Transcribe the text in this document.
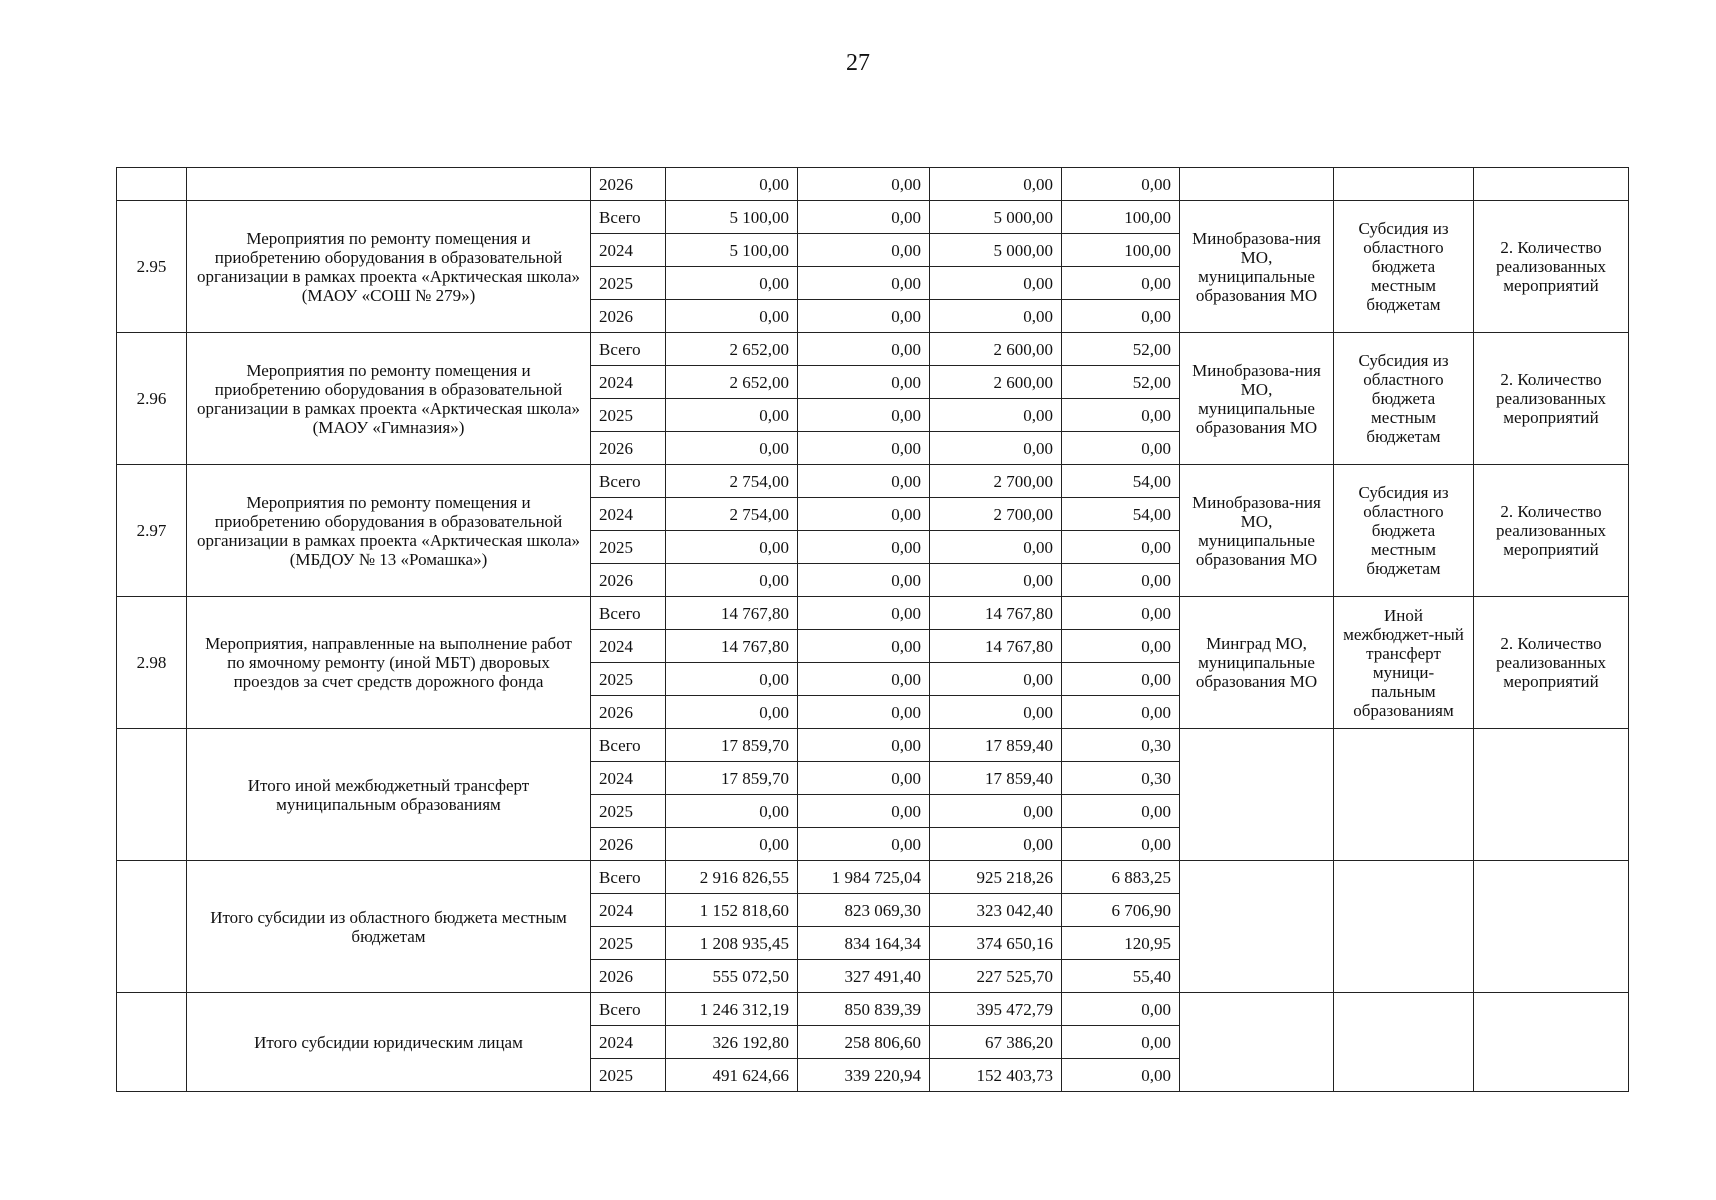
27
		2026	0,00	0,00	0,00	0,00			
2.95	Мероприятия по ремонту помещения и приобретению оборудования в образовательной организации в рамках проекта «Арктическая школа» (МАОУ «СОШ № 279»)	Всего	5 100,00	0,00	5 000,00	100,00	Минобразова-ния МО, муниципальные образования МО	Субсидия из областного бюджета местным бюджетам	2. Количество реализованных мероприятий
		2024	5 100,00	0,00	5 000,00	100,00			
		2025	0,00	0,00	0,00	0,00			
		2026	0,00	0,00	0,00	0,00			
2.96	Мероприятия по ремонту помещения и приобретению оборудования в образовательной организации в рамках проекта «Арктическая школа» (МАОУ «Гимназия»)	Всего	2 652,00	0,00	2 600,00	52,00	Минобразова-ния МО, муниципальные образования МО	Субсидия из областного бюджета местным бюджетам	2. Количество реализованных мероприятий
		2024	2 652,00	0,00	2 600,00	52,00			
		2025	0,00	0,00	0,00	0,00			
		2026	0,00	0,00	0,00	0,00			
2.97	Мероприятия по ремонту помещения и приобретению оборудования в образовательной организации в рамках проекта «Арктическая школа» (МБДОУ № 13 «Ромашка»)	Всего	2 754,00	0,00	2 700,00	54,00	Минобразова-ния МО, муниципальные образования МО	Субсидия из областного бюджета местным бюджетам	2. Количество реализованных мероприятий
		2024	2 754,00	0,00	2 700,00	54,00			
		2025	0,00	0,00	0,00	0,00			
		2026	0,00	0,00	0,00	0,00			
2.98	Мероприятия, направленные на выполнение работ по ямочному ремонту (иной МБТ) дворовых проездов за счет средств дорожного фонда	Всего	14 767,80	0,00	14 767,80	0,00	Минград МО, муниципальные образования МО	Иной межбюджет-ный трансферт муници-пальным образованиям	2. Количество реализованных мероприятий
		2024	14 767,80	0,00	14 767,80	0,00			
		2025	0,00	0,00	0,00	0,00			
		2026	0,00	0,00	0,00	0,00			
	Итого иной межбюджетный трансферт муниципальным образованиям	Всего	17 859,70	0,00	17 859,40	0,30			
		2024	17 859,70	0,00	17 859,40	0,30			
		2025	0,00	0,00	0,00	0,00			
		2026	0,00	0,00	0,00	0,00			
	Итого субсидии из областного бюджета местным бюджетам	Всего	2 916 826,55	1 984 725,04	925 218,26	6 883,25			
		2024	1 152 818,60	823 069,30	323 042,40	6 706,90			
		2025	1 208 935,45	834 164,34	374 650,16	120,95			
		2026	555 072,50	327 491,40	227 525,70	55,40			
	Итого субсидии юридическим лицам	Всего	1 246 312,19	850 839,39	395 472,79	0,00			
		2024	326 192,80	258 806,60	67 386,20	0,00			
		2025	491 624,66	339 220,94	152 403,73	0,00			
